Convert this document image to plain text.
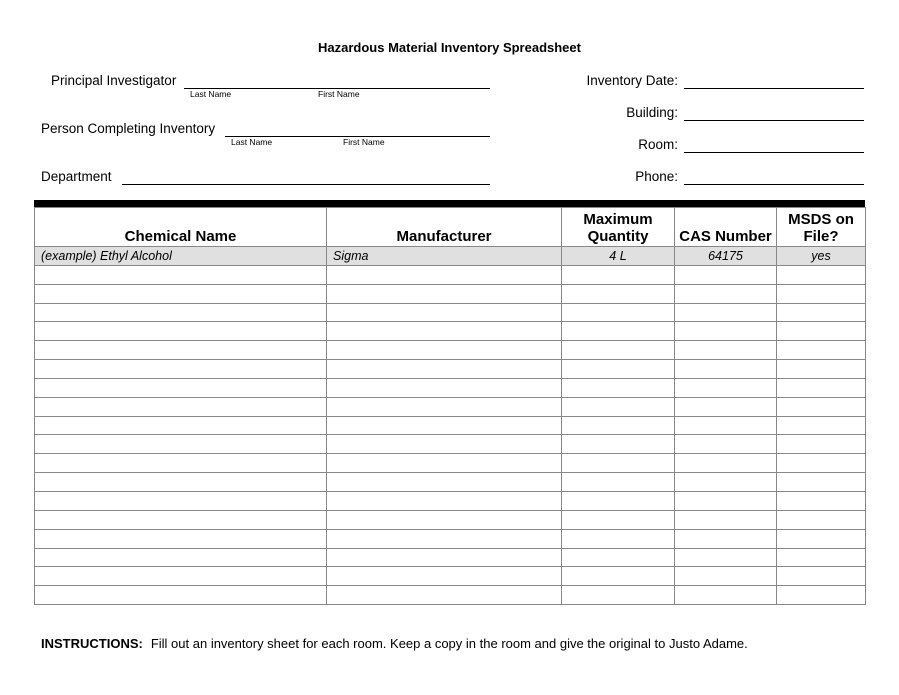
Hazardous Material Inventory Spreadsheet
Principal Investigator
Last Name	First Name
Person Completing Inventory
Last Name	First Name
Department
Inventory Date:
Building:
Room:
Phone:
Chemical Name	Manufacturer	Maximum Quantity	CAS Number	MSDS on File?
(example) Ethyl Alcohol	Sigma	4 L	64175	yes

INSTRUCTIONS: Fill out an inventory sheet for each room. Keep a copy in the room and give the original to Justo Adame.
